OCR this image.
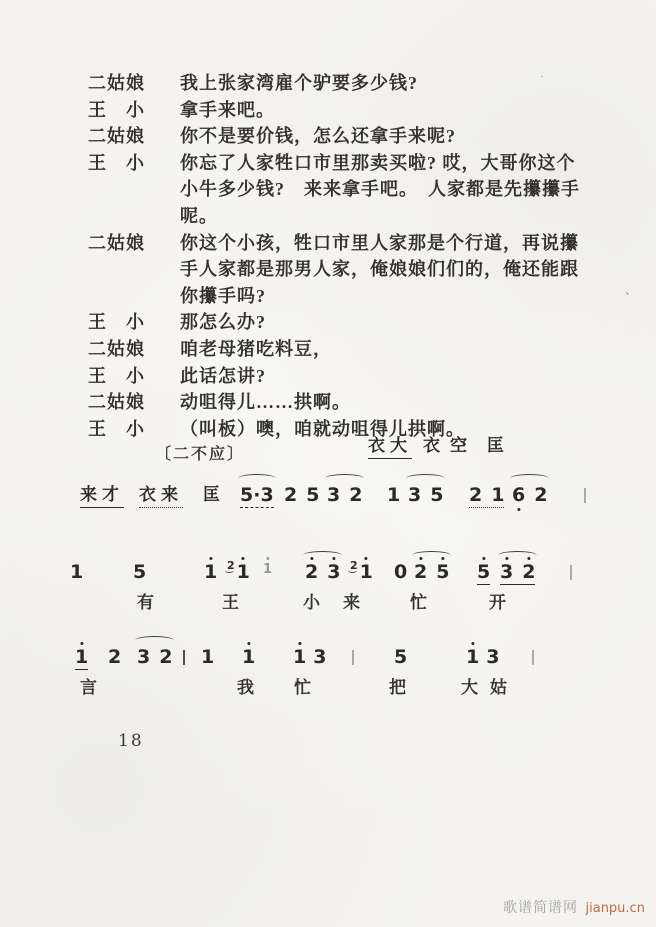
二姑娘	我上张家湾雇个驴要多少钱?
王　小	拿手来吧。
二姑娘	你不是要价钱，怎么还拿手来呢?
王　小	你忘了人家牲口市里那卖买啦? 哎，大哥你这个
小牛多少钱?　来来拿手吧。　人家都是先攥攥手
呢。
二姑娘	你这个小孩，牲口市里人家那是个行道，再说攥
手人家都是那男人家，俺娘娘们们的，俺还能跟
你攥手吗?
王　小	那怎么办?
二姑娘	咱老母猪吃料豆，
王　小	此话怎讲?
二姑娘	动咀得儿……拱啊。
王　小	（叫板）噢，咱就动咀得儿拱啊。
〔二不应〕	衣大 衣 空 匡
来才 衣来 匡 5·3 2 5 3 2 1 3 5 2 1 6 2
1	5	1 2 1 1 2 3 2 1 0 2 5 5 3 2
有	王	小 来 忙	开
1 2 3 2 1 1 1 3	5	1 3
言	我 忙	把	大姑
18
歌谱简谱网 jianpu.cn
·
、
